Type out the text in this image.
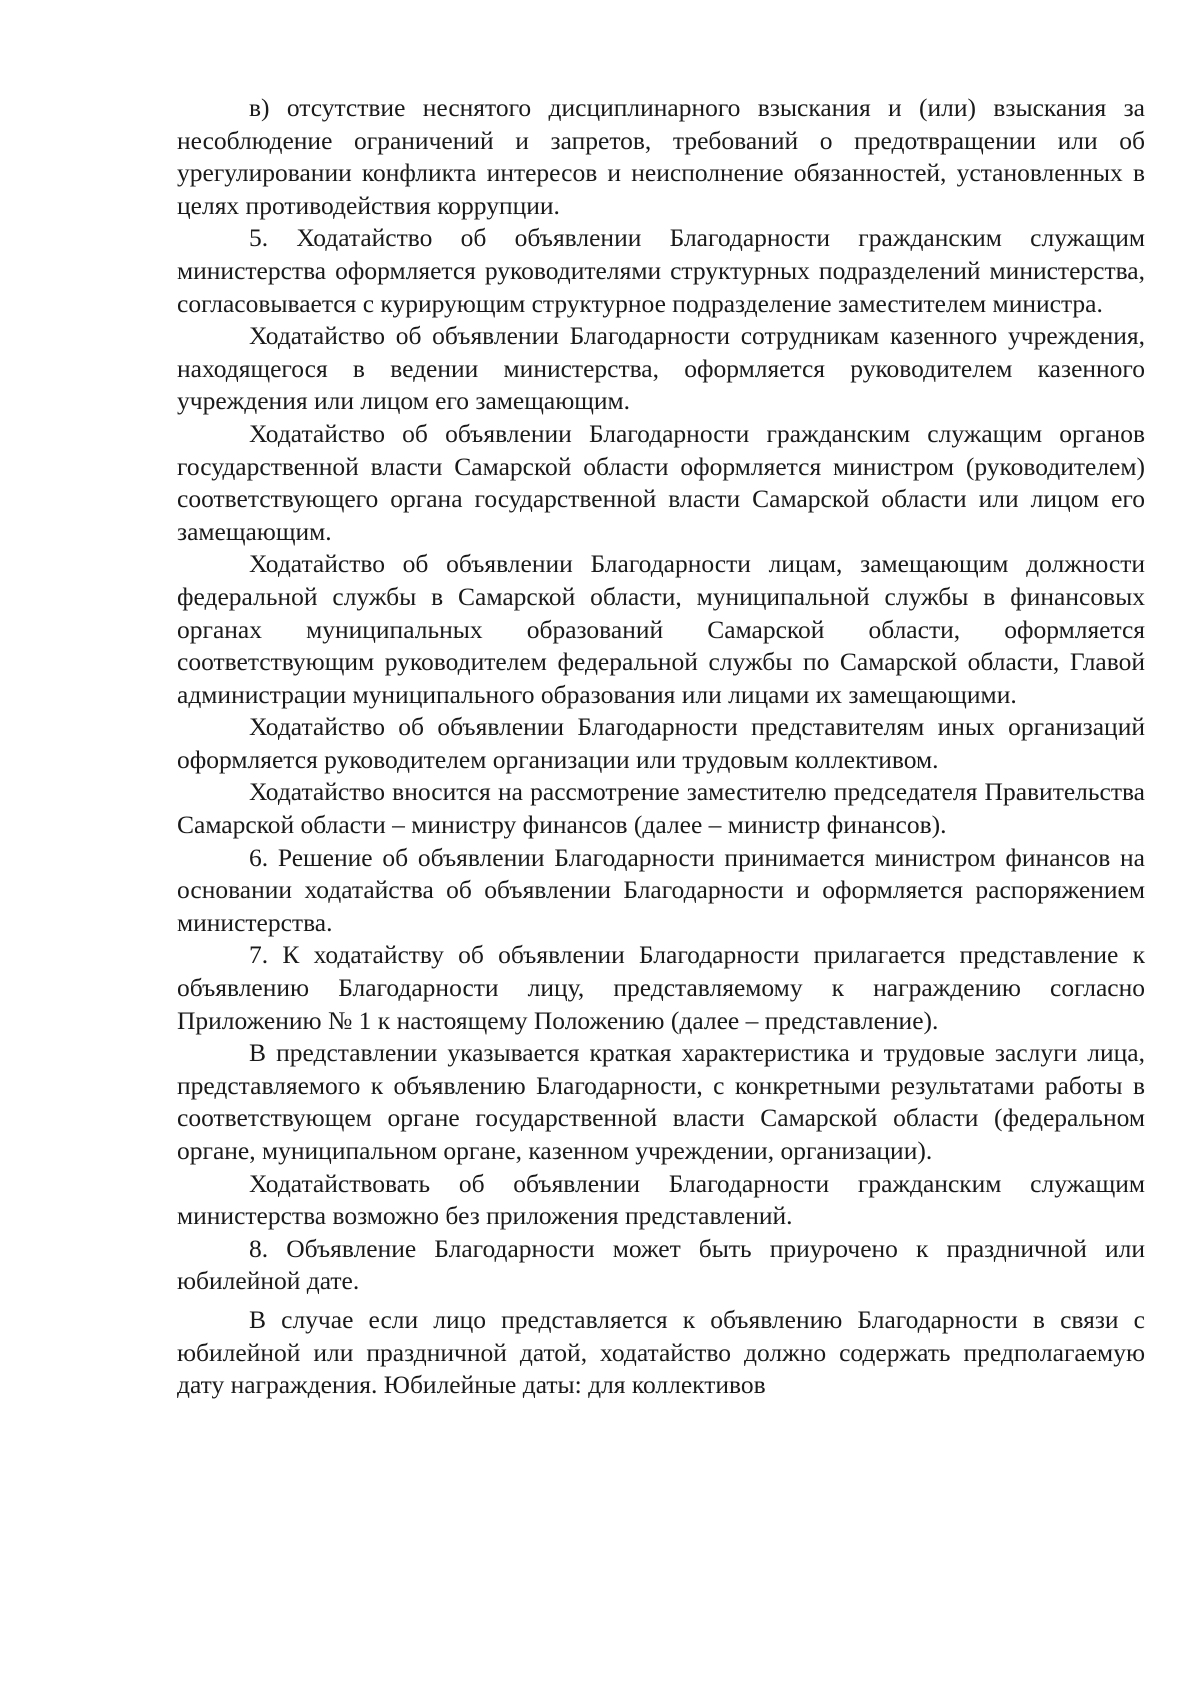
в) отсутствие неснятого дисциплинарного взыскания и (или) взыскания за несоблюдение ограничений и запретов, требований о предотвращении или об урегулировании конфликта интересов и неисполнение обязанностей, установленных в целях противодействия коррупции.

5. Ходатайство об объявлении Благодарности гражданским служащим министерства оформляется руководителями структурных подразделений министерства, согласовывается с курирующим структурное подразделение заместителем министра.

Ходатайство об объявлении Благодарности сотрудникам казенного учреждения, находящегося в ведении министерства, оформляется руководителем казенного учреждения или лицом его замещающим.

Ходатайство об объявлении Благодарности гражданским служащим органов государственной власти Самарской области оформляется министром (руководителем) соответствующего органа государственной власти Самарской области или лицом его замещающим.

Ходатайство об объявлении Благодарности лицам, замещающим должности федеральной службы в Самарской области, муниципальной службы в финансовых органах муниципальных образований Самарской области, оформляется соответствующим руководителем федеральной службы по Самарской области, Главой администрации муниципального образования или лицами их замещающими.

Ходатайство об объявлении Благодарности представителям иных организаций оформляется руководителем организации или трудовым коллективом.

Ходатайство вносится на рассмотрение заместителю председателя Правительства Самарской области – министру финансов (далее – министр финансов).

6. Решение об объявлении Благодарности принимается министром финансов на основании ходатайства об объявлении Благодарности и оформляется распоряжением министерства.

7. К ходатайству об объявлении Благодарности прилагается представление к объявлению Благодарности лицу, представляемому к награждению согласно Приложению № 1 к настоящему Положению (далее – представление).

В представлении указывается краткая характеристика и трудовые заслуги лица, представляемого к объявлению Благодарности, с конкретными результатами работы в соответствующем органе государственной власти Самарской области (федеральном органе, муниципальном органе, казенном учреждении, организации).

Ходатайствовать об объявлении Благодарности гражданским служащим министерства возможно без приложения представлений.

8. Объявление Благодарности может быть приурочено к праздничной или юбилейной дате.

В случае если лицо представляется к объявлению Благодарности в связи с юбилейной или праздничной датой, ходатайство должно содержать предполагаемую дату награждения. Юбилейные даты: для коллективов
